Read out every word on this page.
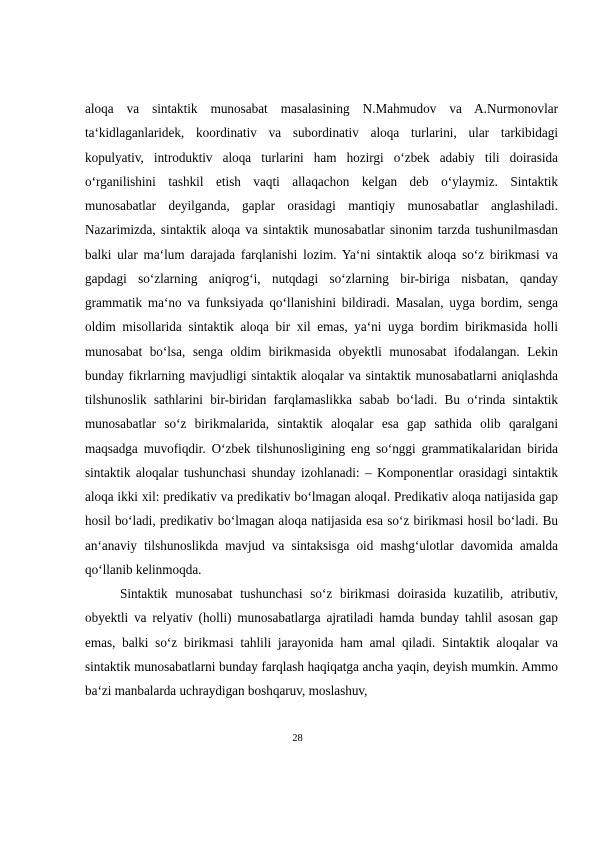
aloqa va sintaktik munosabat masalasining N.Mahmudov va A.Nurmonovlar ta‘kidlaganlaridek, koordinativ va subordinativ aloqa turlarini, ular tarkibidagi kopulyativ, introduktiv aloqa turlarini ham hozirgi o‘zbek adabiy tili doirasida o‘rganilishini tashkil etish vaqti allaqachon kelgan deb o‘ylaymiz. Sintaktik munosabatlar deyilganda, gaplar orasidagi mantiqiy munosabatlar anglashiladi. Nazarimizda, sintaktik aloqa va sintaktik munosabatlar sinonim tarzda tushunilmasdan balki ular ma‘lum darajada farqlanishi lozim. Ya‘ni sintaktik aloqa so‘z birikmasi va gapdagi so‘zlarning aniqrog‘i, nutqdagi so‘zlarning bir-biriga nisbatan, qanday grammatik ma‘no va funksiyada qo‘llanishini bildiradi. Masalan, uyga bordim, senga oldim misollarida sintaktik aloqa bir xil emas, ya‘ni uyga bordim birikmasida holli munosabat bo‘lsa, senga oldim birikmasida obyektli munosabat ifodalangan. Lekin bunday fikrlarning mavjudligi sintaktik aloqalar va sintaktik munosabatlarni aniqlashda tilshunoslik sathlarini bir-biridan farqlamaslikka sabab bo‘ladi. Bu o‘rinda sintaktik munosabatlar so‘z birikmalarida, sintaktik aloqalar esa gap sathida olib qaralgani maqsadga muvofiqdir. O‘zbek tilshunosligining eng so‘nggi grammatikalaridan birida sintaktik aloqalar tushunchasi shunday izohlanadi: – Komponentlar orasidagi sintaktik aloqa ikki xil: predikativ va predikativ bo‘lmagan aloqa‖. Predikativ aloqa natijasida gap hosil bo‘ladi, predikativ bo‘lmagan aloqa natijasida esa so‘z birikmasi hosil bo‘ladi. Bu an‘anaviy tilshunoslikda mavjud va sintaksisga oid mashg‘ulotlar davomida amalda qo‘llanib kelinmoqda.

Sintaktik munosabat tushunchasi so‘z birikmasi doirasida kuzatilib, atributiv, obyektli va relyativ (holli) munosabatlarga ajratiladi hamda bunday tahlil asosan gap emas, balki so‘z birikmasi tahlili jarayonida ham amal qiladi. Sintaktik aloqalar va sintaktik munosabatlarni bunday farqlash haqiqatga ancha yaqin, deyish mumkin. Ammo ba‘zi manbalarda uchraydigan boshqaruv, moslashuv,

28
